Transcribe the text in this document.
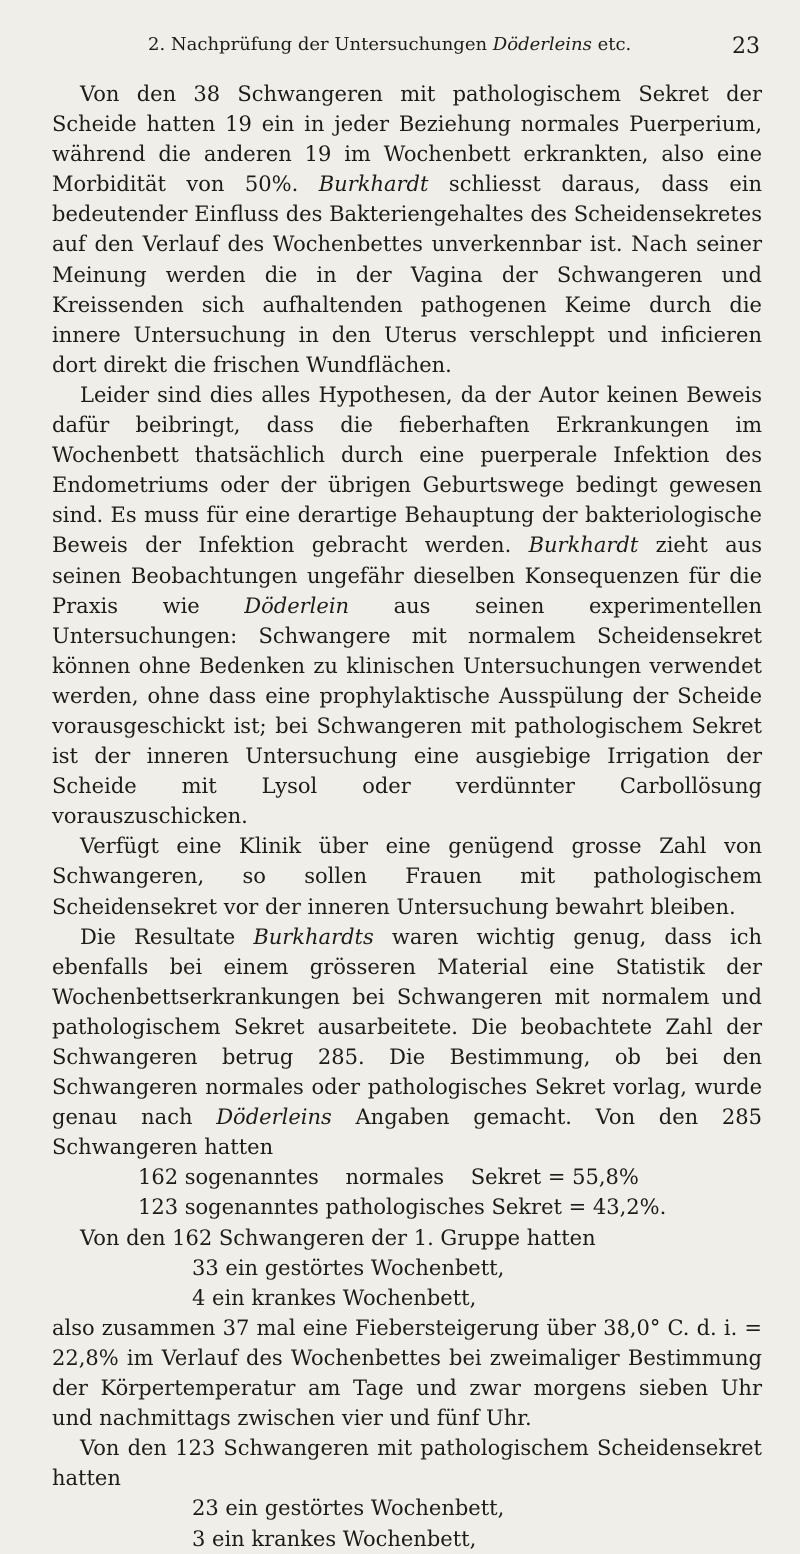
2. Nachprüfung der Untersuchungen Döderleins etc.	23

Von den 38 Schwangeren mit pathologischem Sekret der Scheide hatten 19 ein in jeder Beziehung normales Puerperium, während die anderen 19 im Wochenbett erkrankten, also eine Morbidität von 50%. Burkhardt schliesst daraus, dass ein bedeutender Einfluss des Bakteriengehaltes des Scheidensekretes auf den Verlauf des Wochenbettes unverkennbar ist. Nach seiner Meinung werden die in der Vagina der Schwangeren und Kreissenden sich aufhaltenden pathogenen Keime durch die innere Untersuchung in den Uterus verschleppt und inficieren dort direkt die frischen Wundflächen.

Leider sind dies alles Hypothesen, da der Autor keinen Beweis dafür beibringt, dass die fieberhaften Erkrankungen im Wochenbett thatsächlich durch eine puerperale Infektion des Endometriums oder der übrigen Geburtswege bedingt gewesen sind. Es muss für eine derartige Behauptung der bakteriologische Beweis der Infektion gebracht werden. Burkhardt zieht aus seinen Beobachtungen ungefähr dieselben Konsequenzen für die Praxis wie Döderlein aus seinen experimentellen Untersuchungen: Schwangere mit normalem Scheidensekret können ohne Bedenken zu klinischen Untersuchungen verwendet werden, ohne dass eine prophylaktische Ausspülung der Scheide vorausgeschickt ist; bei Schwangeren mit pathologischem Sekret ist der inneren Untersuchung eine ausgiebige Irrigation der Scheide mit Lysol oder verdünnter Carbollösung vorauszuschicken.

Verfügt eine Klinik über eine genügend grosse Zahl von Schwangeren, so sollen Frauen mit pathologischem Scheidensekret vor der inneren Untersuchung bewahrt bleiben.

Die Resultate Burkhardts waren wichtig genug, dass ich ebenfalls bei einem grösseren Material eine Statistik der Wochenbettserkrankungen bei Schwangeren mit normalem und pathologischem Sekret ausarbeitete. Die beobachtete Zahl der Schwangeren betrug 285. Die Bestimmung, ob bei den Schwangeren normales oder pathologisches Sekret vorlag, wurde genau nach Döderleins Angaben gemacht. Von den 285 Schwangeren hatten

162 sogenanntes    normales    Sekret = 55,8%

123 sogenanntes pathologisches Sekret = 43,2%.

Von den 162 Schwangeren der 1. Gruppe hatten

33 ein gestörtes Wochenbett,

4 ein krankes Wochenbett,

also zusammen 37 mal eine Fiebersteigerung über 38,0° C. d. i. = 22,8% im Verlauf des Wochenbettes bei zweimaliger Bestimmung der Körpertemperatur am Tage und zwar morgens sieben Uhr und nachmittags zwischen vier und fünf Uhr.

Von den 123 Schwangeren mit pathologischem Scheidensekret hatten

23 ein gestörtes Wochenbett,

3 ein krankes Wochenbett,
